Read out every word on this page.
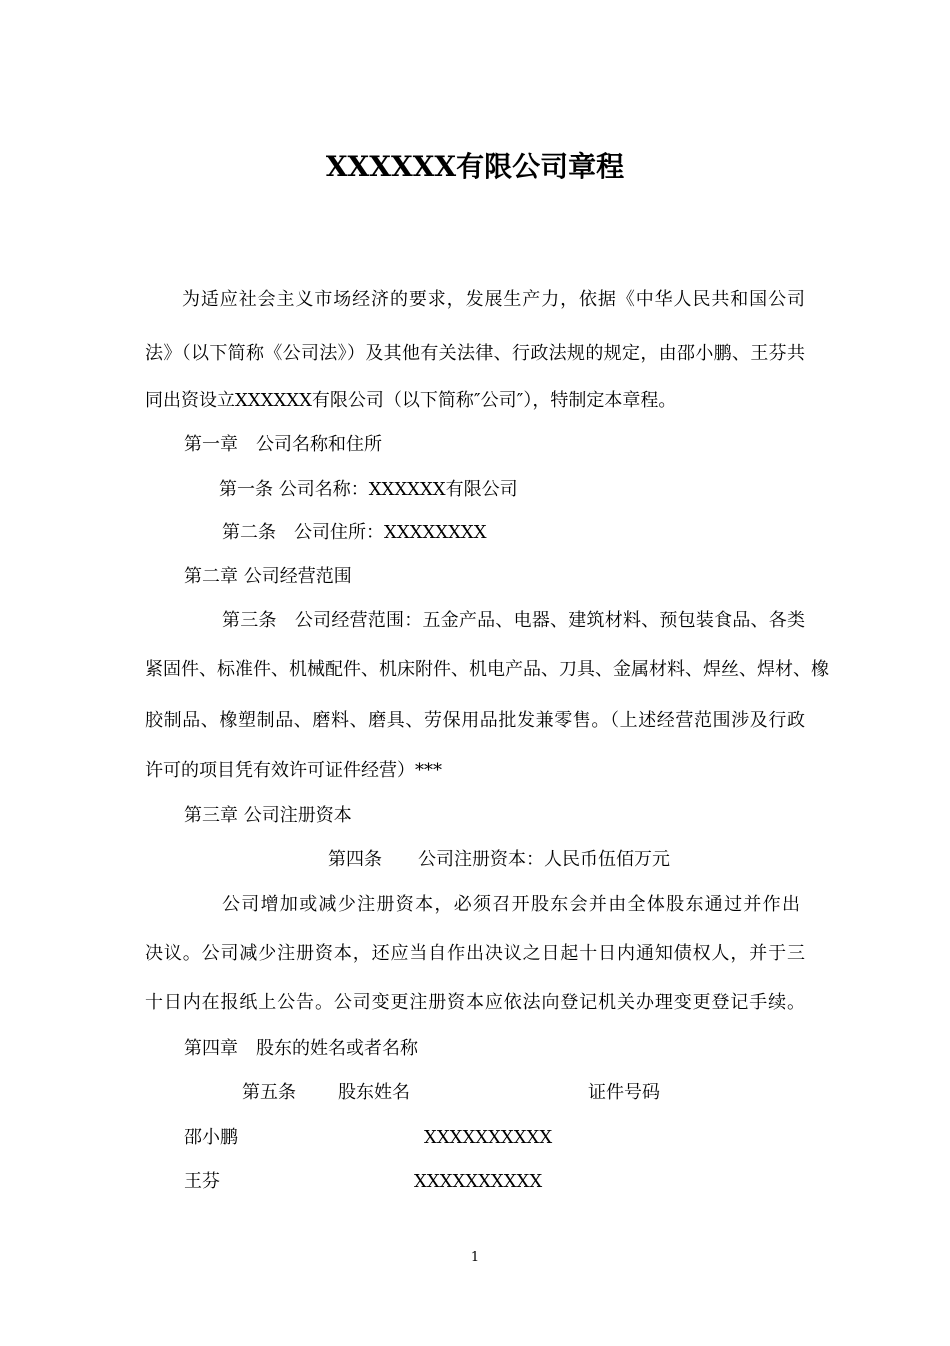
XXXXXX有限公司章程
为适应社会主义市场经济的要求，发展生产力，依据《中华人民共和国公司
法》（以下简称《公司法》）及其他有关法律、行政法规的规定，由邵小鹏、王芬共
同出资设立XXXXXX有限公司（以下简称″公司″），特制定本章程。
第一章　公司名称和住所
第一条 公司名称：XXXXXX有限公司
第二条　公司住所：XXXXXXXX
第二章 公司经营范围
第三条　公司经营范围：五金产品、电器、建筑材料、预包装食品、各类
紧固件、标准件、机械配件、机床附件、机电产品、刀具、金属材料、焊丝、焊材、橡
胶制品、橡塑制品、磨料、磨具、劳保用品批发兼零售。（上述经营范围涉及行政
许可的项目凭有效许可证件经营）***
第三章 公司注册资本
第四条　　公司注册资本：人民币伍佰万元
公司增加或减少注册资本，必须召开股东会并由全体股东通过并作出
决议。公司减少注册资本，还应当自作出决议之日起十日内通知债权人，并于三
十日内在报纸上公告。公司变更注册资本应依法向登记机关办理变更登记手续。
第四章　股东的姓名或者名称
第五条 股东姓名	证件号码
邵小鹏	XXXXXXXXXX
王芬	XXXXXXXXXX
1
